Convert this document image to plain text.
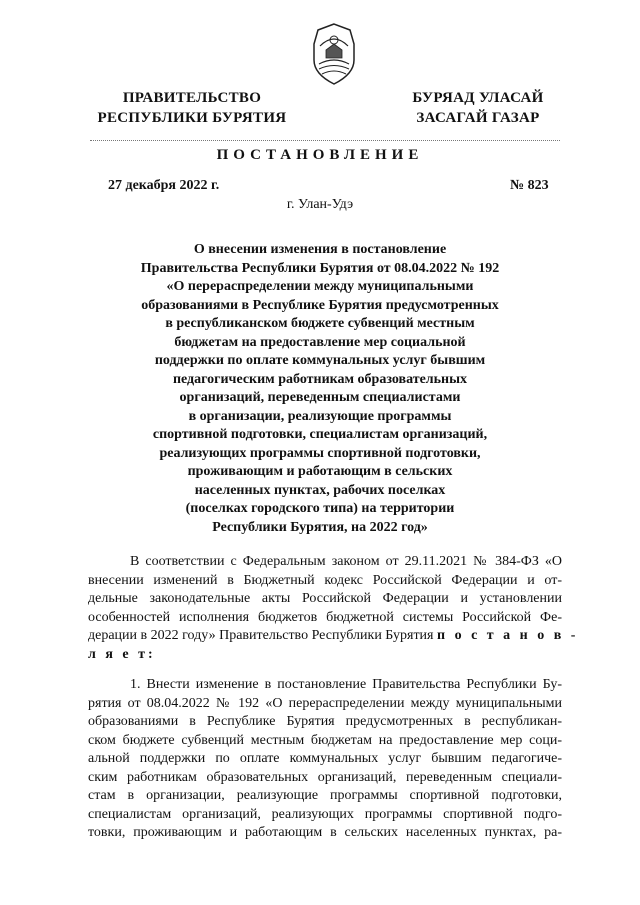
ПРАВИТЕЛЬСТВО
РЕСПУБЛИКИ БУРЯТИЯ
БУРЯАД УЛАСАЙ
ЗАСАГАЙ ГАЗАР
ПОСТАНОВЛЕНИЕ
27 декабря 2022 г.	№ 823
г. Улан-Удэ
О внесении изменения в постановление
Правительства Республики Бурятия от 08.04.2022 № 192
«О перераспределении между муниципальными
образованиями в Республике Бурятия предусмотренных
в республиканском бюджете субвенций местным
бюджетам на предоставление мер социальной
поддержки по оплате коммунальных услуг бывшим
педагогическим работникам образовательных
организаций, переведенным специалистами
в организации, реализующие программы
спортивной подготовки, специалистам организаций,
реализующих программы спортивной подготовки,
проживающим и работающим в сельских
населенных пунктах, рабочих поселках
(поселках городского типа) на территории
Республики Бурятия, на 2022 год»
В соответствии с Федеральным законом от 29.11.2021 № 384-ФЗ «О
внесении изменений в Бюджетный кодекс Российской Федерации и от-
дельные законодательные акты Российской Федерации и установлении
особенностей исполнения бюджетов бюджетной системы Российской Фе-
дерации в 2022 году» Правительство Республики Бурятия п о с т а н о в -
л я е т:
1. Внести изменение в постановление Правительства Республики Бу-
рятия от 08.04.2022 № 192 «О перераспределении между муниципальными
образованиями в Республике Бурятия предусмотренных в республикан-
ском бюджете субвенций местным бюджетам на предоставление мер соци-
альной поддержки по оплате коммунальных услуг бывшим педагогиче-
ским работникам образовательных организаций, переведенным специали-
стам в организации, реализующие программы спортивной подготовки,
специалистам организаций, реализующих программы спортивной подго-
товки, проживающим и работающим в сельских населенных пунктах, ра-
